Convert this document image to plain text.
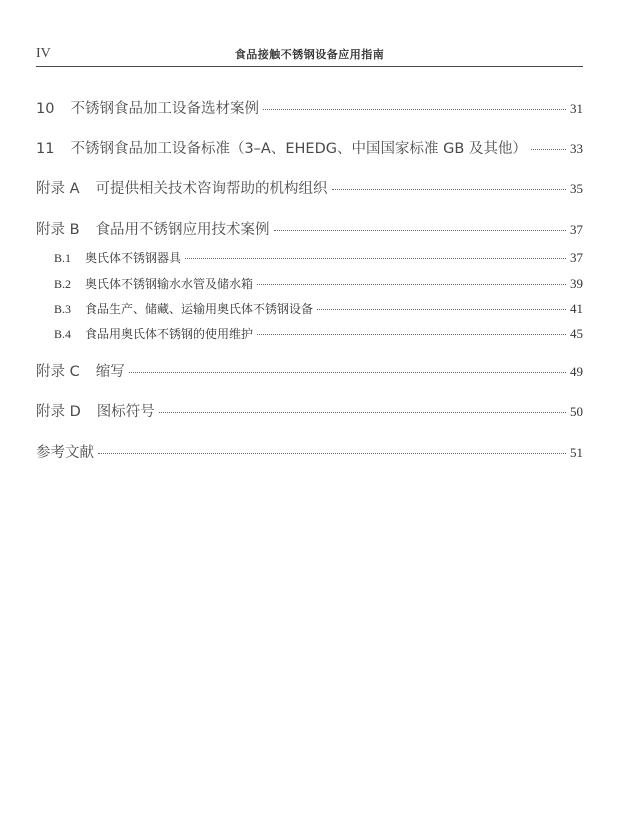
IV	食品接触不锈钢设备应用指南
10 不锈钢食品加工设备选材案例	31
11 不锈钢食品加工设备标准（3–A、EHEDG、中国国家标准 GB 及其他）	33
附录 A 可提供相关技术咨询帮助的机构组织	35
附录 B 食品用不锈钢应用技术案例	37
B.1 奥氏体不锈钢器具	37
B.2 奥氏体不锈钢输水水管及储水箱	39
B.3 食品生产、储藏、运输用奥氏体不锈钢设备	41
B.4 食品用奥氏体不锈钢的使用维护	45
附录 C 缩写	49
附录 D 图标符号	50
参考文献	51
